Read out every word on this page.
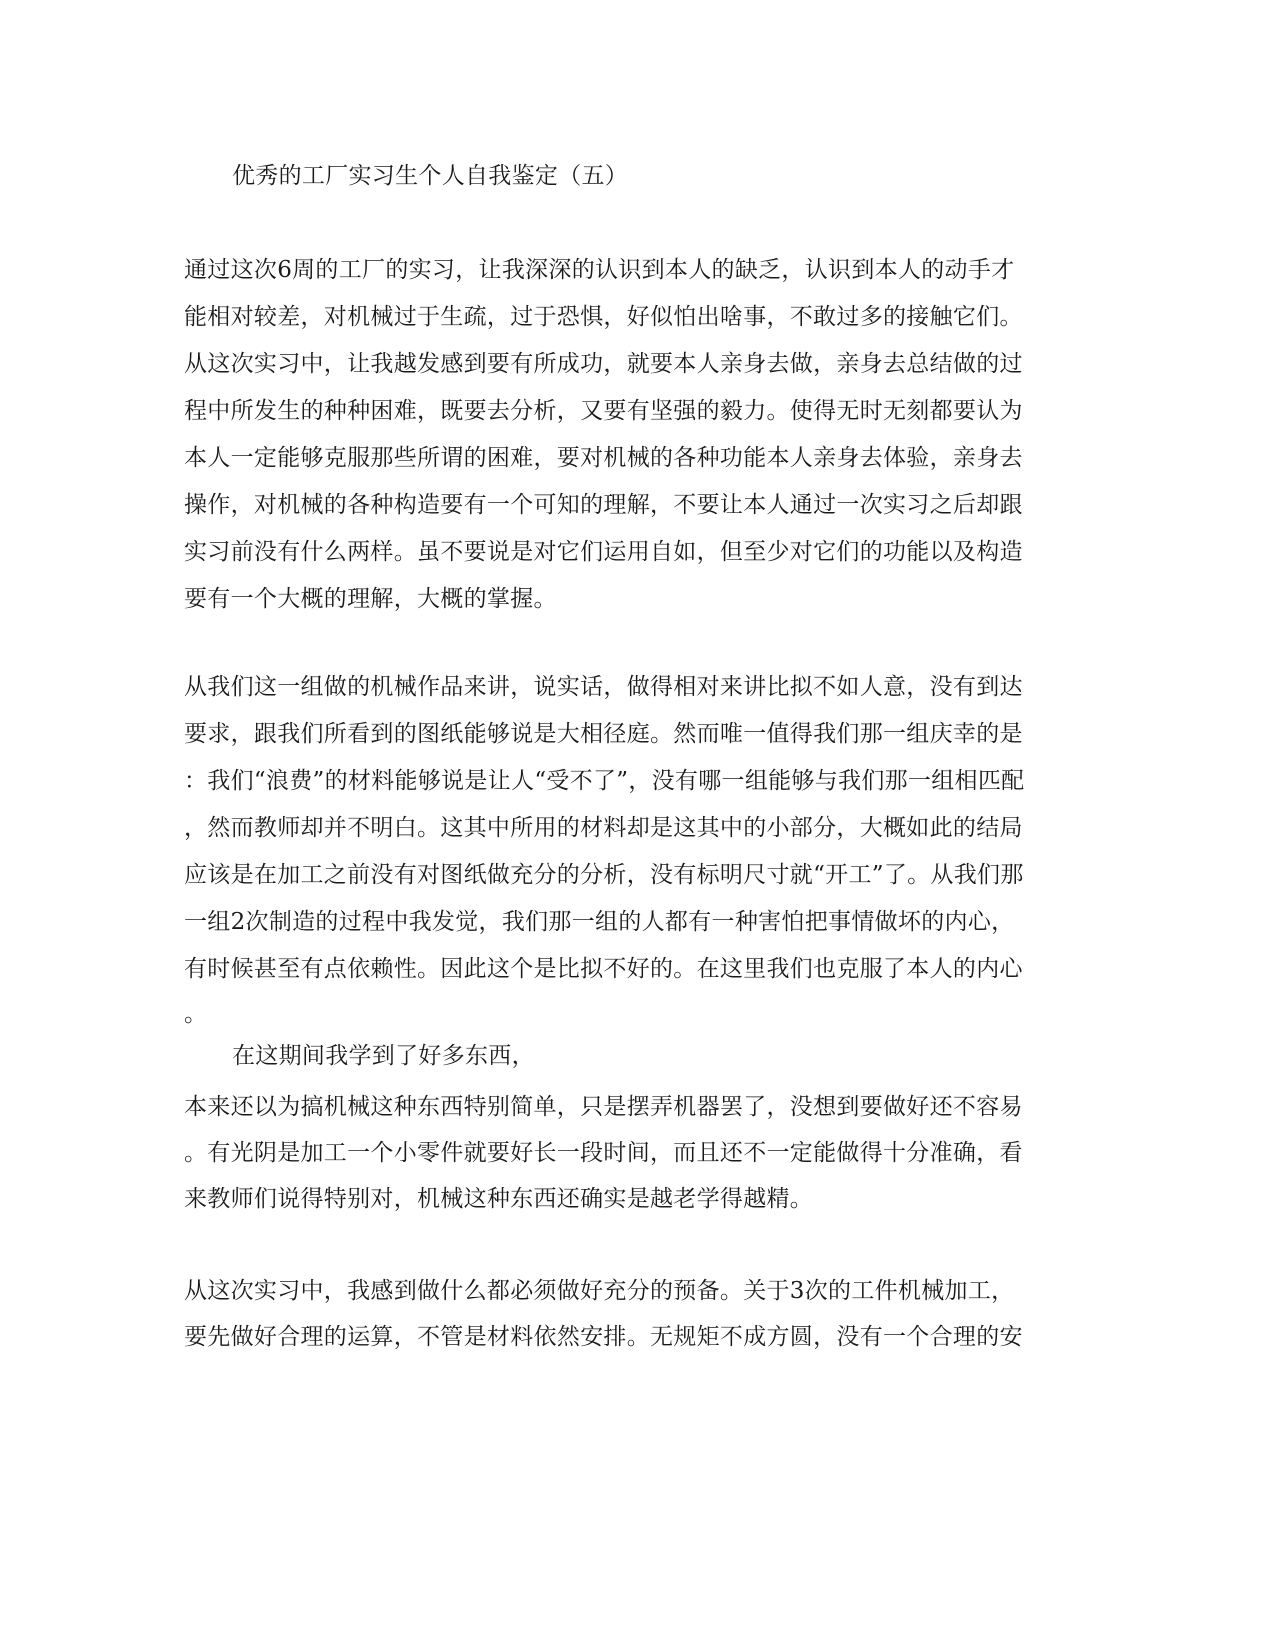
优秀的工厂实习生个人自我鉴定（五）
通过这次6周的工厂的实习，让我深深的认识到本人的缺乏，认识到本人的动手才
能相对较差，对机械过于生疏，过于恐惧，好似怕出啥事，不敢过多的接触它们。
从这次实习中，让我越发感到要有所成功，就要本人亲身去做，亲身去总结做的过
程中所发生的种种困难，既要去分析，又要有坚强的毅力。使得无时无刻都要认为
本人一定能够克服那些所谓的困难，要对机械的各种功能本人亲身去体验，亲身去
操作，对机械的各种构造要有一个可知的理解，不要让本人通过一次实习之后却跟
实习前没有什么两样。虽不要说是对它们运用自如，但至少对它们的功能以及构造
要有一个大概的理解，大概的掌握。
从我们这一组做的机械作品来讲，说实话，做得相对来讲比拟不如人意，没有到达
要求，跟我们所看到的图纸能够说是大相径庭。然而唯一值得我们那一组庆幸的是
：我们“浪费”的材料能够说是让人“受不了”，没有哪一组能够与我们那一组相匹配
，然而教师却并不明白。这其中所用的材料却是这其中的小部分，大概如此的结局
应该是在加工之前没有对图纸做充分的分析，没有标明尺寸就“开工”了。从我们那
一组2次制造的过程中我发觉，我们那一组的人都有一种害怕把事情做坏的内心，
有时候甚至有点依赖性。因此这个是比拟不好的。在这里我们也克服了本人的内心
。
在这期间我学到了好多东西，
本来还以为搞机械这种东西特别简单，只是摆弄机器罢了，没想到要做好还不容易
。有光阴是加工一个小零件就要好长一段时间，而且还不一定能做得十分准确，看
来教师们说得特别对，机械这种东西还确实是越老学得越精。
从这次实习中，我感到做什么都必须做好充分的预备。关于3次的工件机械加工，
要先做好合理的运算，不管是材料依然安排。无规矩不成方圆，没有一个合理的安
